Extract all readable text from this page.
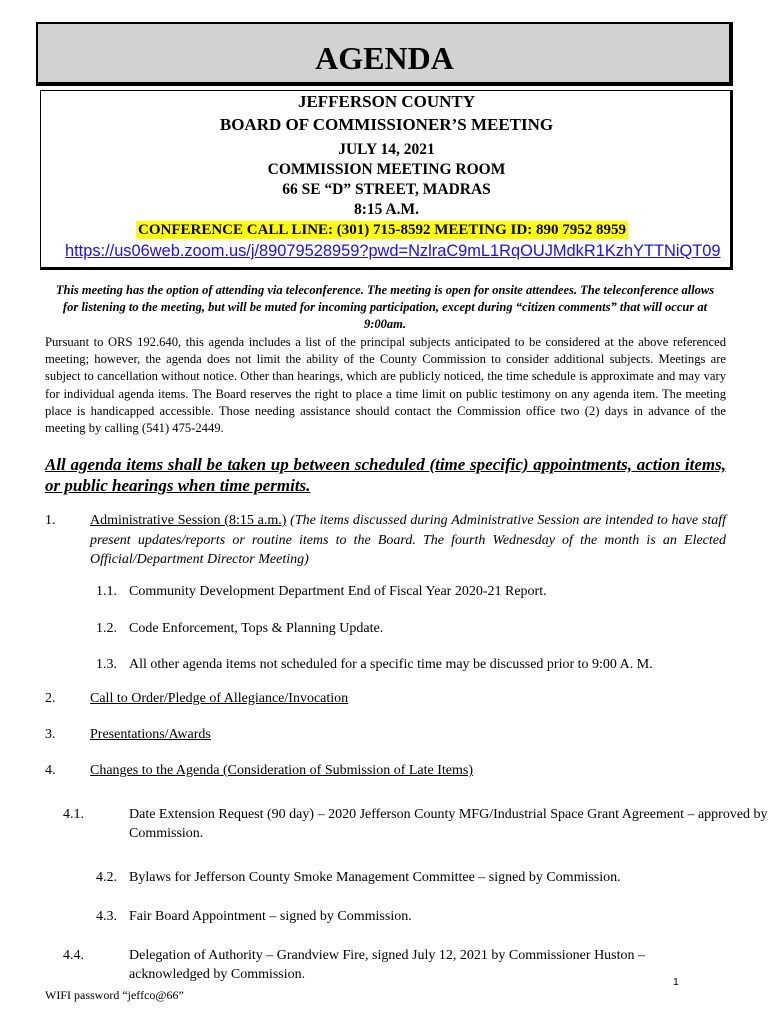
AGENDA
JEFFERSON COUNTY
BOARD OF COMMISSIONER’S MEETING
JULY 14, 2021
COMMISSION MEETING ROOM
66 SE “D” STREET, MADRAS
8:15 A.M.
CONFERENCE CALL LINE: (301) 715-8592 MEETING ID: 890 7952 8959
https://us06web.zoom.us/j/89079528959?pwd=NzlraC9mL1RqOUJMdkR1KzhYTTNiQT09
This meeting has the option of attending via teleconference. The meeting is open for onsite attendees. The teleconference allows for listening to the meeting, but will be muted for incoming participation, except during “citizen comments” that will occur at 9:00am.
Pursuant to ORS 192.640, this agenda includes a list of the principal subjects anticipated to be considered at the above referenced meeting; however, the agenda does not limit the ability of the County Commission to consider additional subjects. Meetings are subject to cancellation without notice. Other than hearings, which are publicly noticed, the time schedule is approximate and may vary for individual agenda items. The Board reserves the right to place a time limit on public testimony on any agenda item. The meeting place is handicapped accessible. Those needing assistance should contact the Commission office two (2) days in advance of the meeting by calling (541) 475-2449.
All agenda items shall be taken up between scheduled (time specific) appointments, action items, or public hearings when time permits.
1. Administrative Session (8:15 a.m.) (The items discussed during Administrative Session are intended to have staff present updates/reports or routine items to the Board. The fourth Wednesday of the month is an Elected Official/Department Director Meeting)
1.1. Community Development Department End of Fiscal Year 2020-21 Report.
1.2. Code Enforcement, Tops & Planning Update.
1.3. All other agenda items not scheduled for a specific time may be discussed prior to 9:00 A. M.
2. Call to Order/Pledge of Allegiance/Invocation
3. Presentations/Awards
4. Changes to the Agenda (Consideration of Submission of Late Items)
4.1.	Date Extension Request (90 day) – 2020 Jefferson County MFG/Industrial Space Grant Agreement – approved by Commission.
4.2. Bylaws for Jefferson County Smoke Management Committee – signed by Commission.
4.3. Fair Board Appointment – signed by Commission.
4.4.	Delegation of Authority – Grandview Fire, signed July 12, 2021 by Commissioner Huston – acknowledged by Commission.
WIFI password “jeffco@66”
1
